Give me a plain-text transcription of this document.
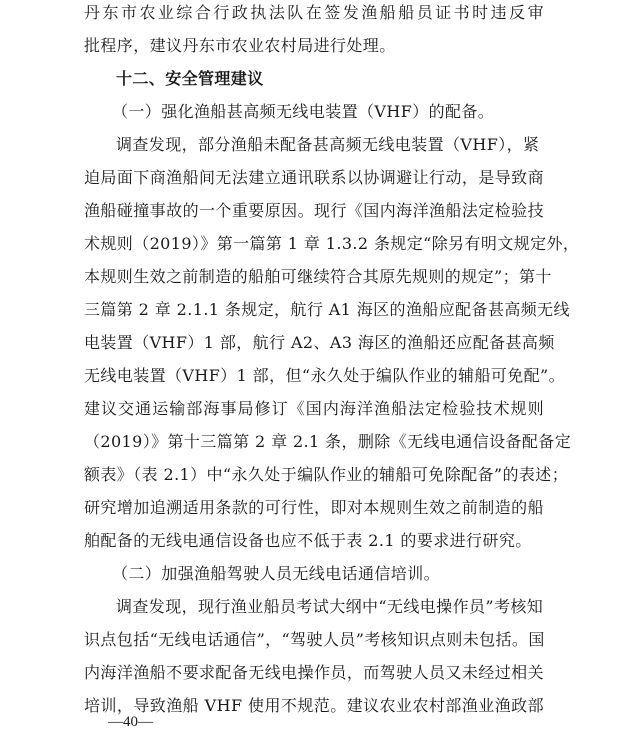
丹东市农业综合行政执法队在签发渔船船员证书时违反审
批程序，建议丹东市农业农村局进行处理。
十二、安全管理建议
（一）强化渔船甚高频无线电装置（VHF）的配备。
调查发现，部分渔船未配备甚高频无线电装置（VHF），紧
迫局面下商渔船间无法建立通讯联系以协调避让行动，是导致商
渔船碰撞事故的一个重要原因。现行《国内海洋渔船法定检验技
术规则（2019）》第一篇第 1 章 1.3.2 条规定“除另有明文规定外，
本规则生效之前制造的船舶可继续符合其原先规则的规定”；第十
三篇第 2 章 2.1.1 条规定，航行 A1 海区的渔船应配备甚高频无线
电装置（VHF）1 部，航行 A2、A3 海区的渔船还应配备甚高频
无线电装置（VHF）1 部，但“永久处于编队作业的辅船可免配”。
建议交通运输部海事局修订《国内海洋渔船法定检验技术规则
（2019）》第十三篇第 2 章 2.1 条，删除《无线电通信设备配备定
额表》（表 2.1）中“永久处于编队作业的辅船可免除配备”的表述；
研究增加追溯适用条款的可行性，即对本规则生效之前制造的船
舶配备的无线电通信设备也应不低于表 2.1 的要求进行研究。
（二）加强渔船驾驶人员无线电话通信培训。
调查发现，现行渔业船员考试大纲中“无线电操作员”考核知
识点包括“无线电话通信”，“驾驶人员”考核知识点则未包括。国
内海洋渔船不要求配备无线电操作员，而驾驶人员又未经过相关
培训，导致渔船 VHF 使用不规范。建议农业农村部渔业渔政部
—40—
